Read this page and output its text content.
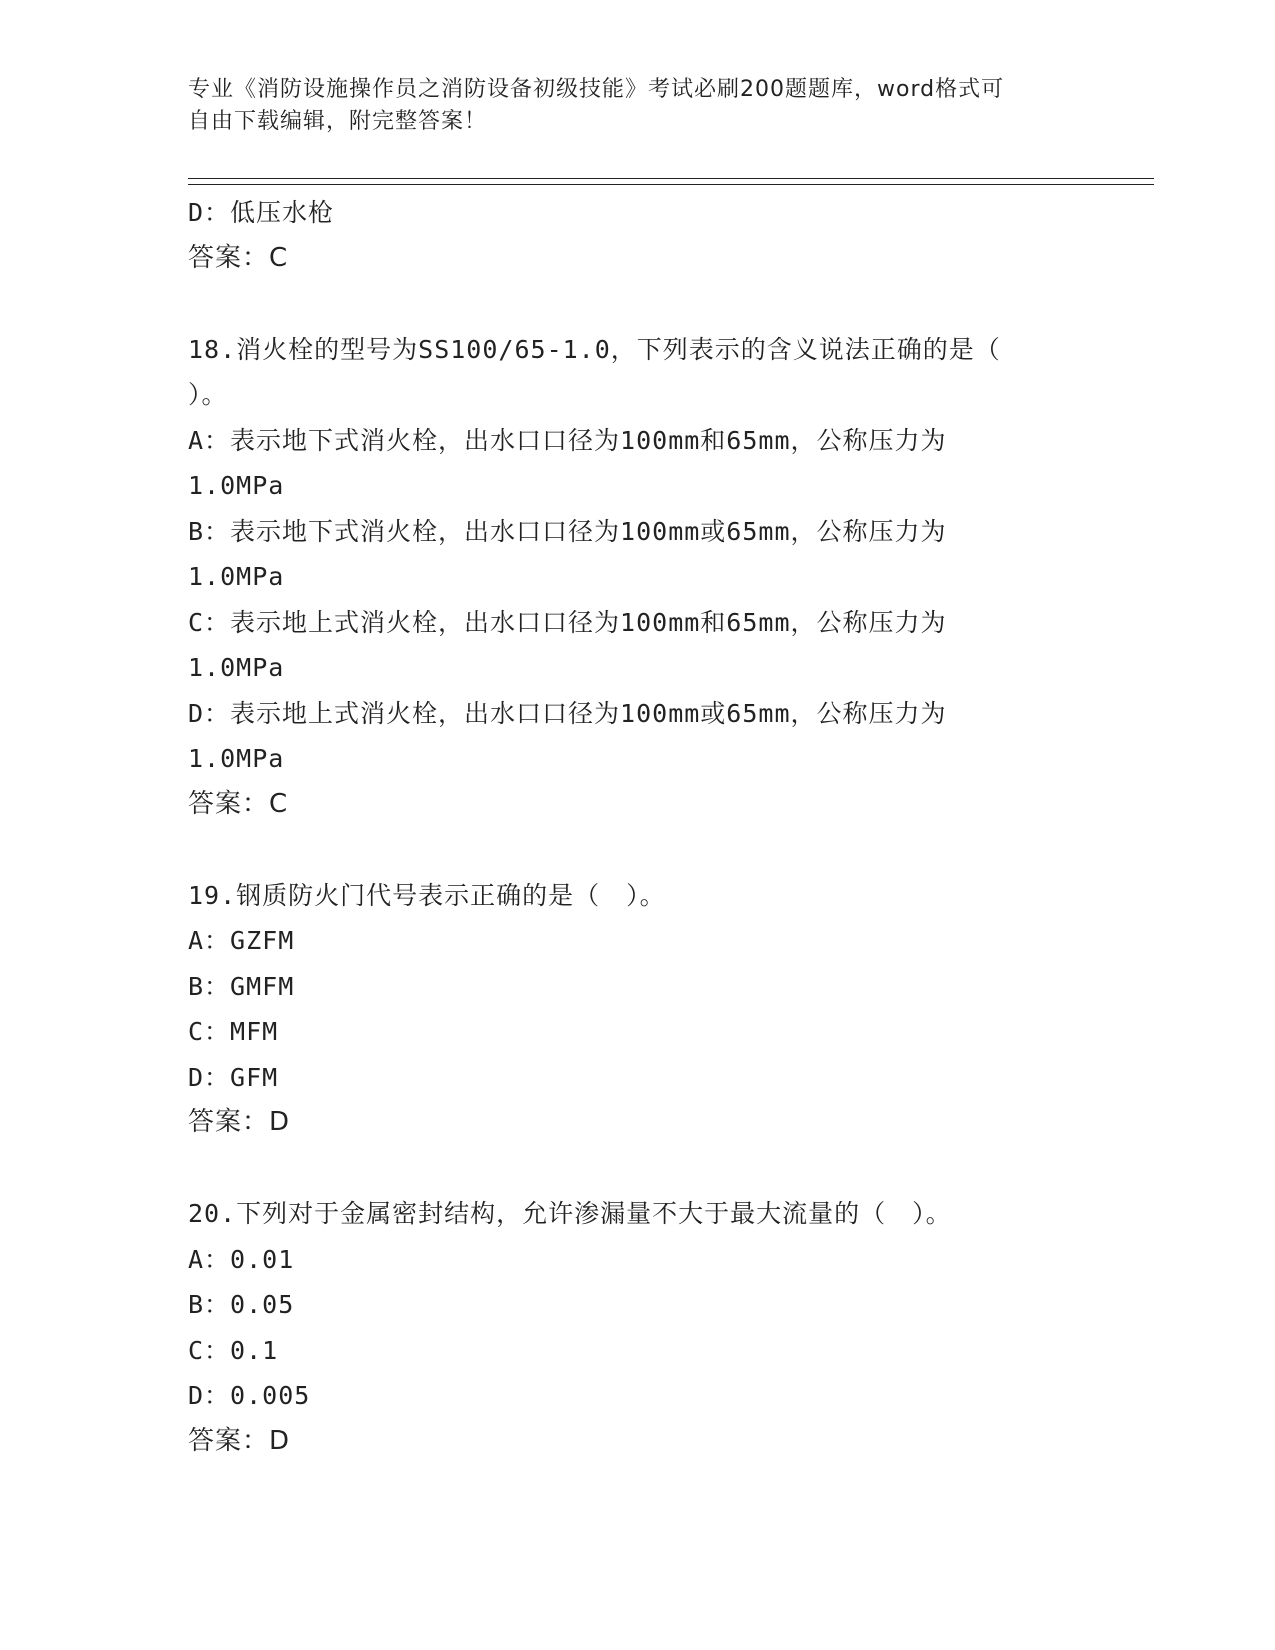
专业《消防设施操作员之消防设备初级技能》考试必刷200题题库，word格式可
自由下载编辑，附完整答案！
D：低压水枪
答案：C
18.消火栓的型号为SS100/65-1.0，下列表示的含义说法正确的是（
）。
A：表示地下式消火栓，出水口口径为100mm和65mm，公称压力为
1.0MPa
B：表示地下式消火栓，出水口口径为100mm或65mm，公称压力为
1.0MPa
C：表示地上式消火栓，出水口口径为100mm和65mm，公称压力为
1.0MPa
D：表示地上式消火栓，出水口口径为100mm或65mm，公称压力为
1.0MPa
答案：C
19.钢质防火门代号表示正确的是（　）。
A：GZFM
B：GMFM
C：MFM
D：GFM
答案：D
20.下列对于金属密封结构，允许渗漏量不大于最大流量的（　）。
A：0.01
B：0.05
C：0.1
D：0.005
答案：D
